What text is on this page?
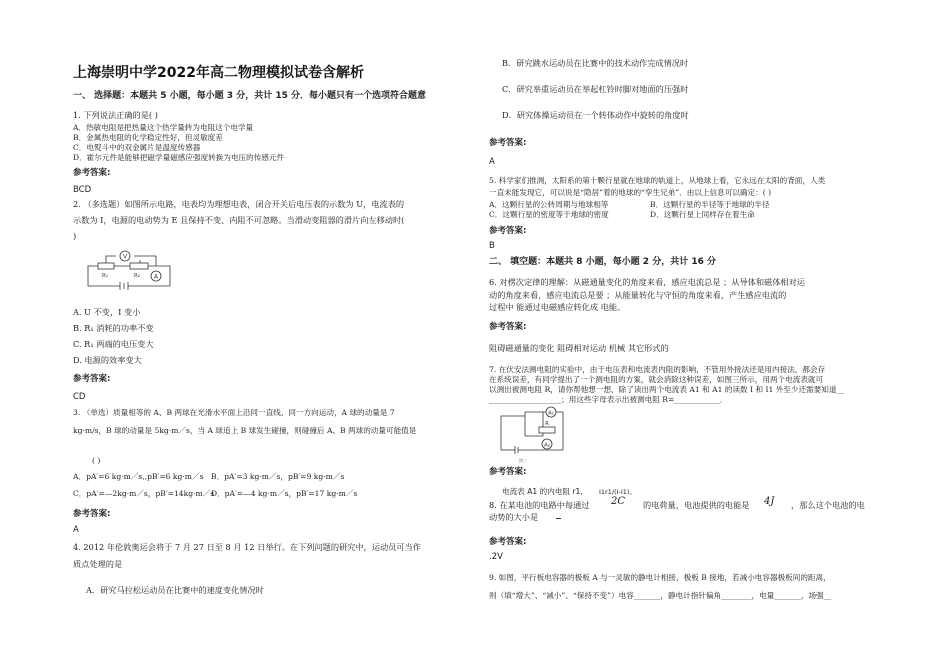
上海崇明中学2022年高二物理模拟试卷含解析
一、 选择题：本题共 5 小题，每小题 3 分，共计 15 分．每小题只有一个选项符合题意
1. 下列说法正确的是( )
A．热敏电阻是把热量这个热学量转为电阻这个电学量
B．金属热电阻的化学稳定性好，但灵敏度差
C．电熨斗中的双金属片是温度传感器
D．霍尔元件是能够把磁学量磁感应强度转换为电压的传感元件
参考答案:
BCD
2. （多选题）如图所示电路，电表均为理想电表，闭合开关后电压表的示数为 U，电流表的
示数为 I，电源的电动势为 E 且保持不变、内阻不可忽略。当滑动变阻器的滑片向左移动时(
)
V
A
R₁	R₂
A. U 不变，I 变小
B. R₁ 消耗的功率不变
C. R₁ 两端的电压变大
D. 电源的效率变大
参考答案:
CD
3. （单选）质量相等的 A、B 两球在光滑水平面上沿同一直线、同一方向运动，A 球的动量是 7
kg·m/s，B 球的动量是 5kg·m／s，当 A 球追上 B 球发生碰撞，则碰撞后 A、B 两球的动量可能值是
( )
A．pA′=6 kg·m／s,,pB′=6 kg·m／s B．pA′=3 kg·m／s，pB′=9 kg·m／s
C．pA′=—2kg·m／s，pB′=14kg·m／s
D．pA′=—4 kg·m／s，pB′=17 kg·m／s
参考答案:
A
4. 2012 年伦敦奥运会将于 7 月 27 日至 8 月 12 日举行。在下列问题的研究中，运动员可当作
质点处理的是
A．研究马拉松运动员在比赛中的速度变化情况时
B．研究跳水运动员在比赛中的技术动作完成情况时
C．研究举重运动员在举起杠铃时脚对地面的压强时
D．研究体操运动员在一个转体动作中旋转的角度时
参考答案:
A
5. 科学家们推测，太阳系的第十颗行星就在地球的轨道上，从地球上看，它永远在太阳的背面，人类
一直未能发现它，可以说是“隐居”着的地球的“孪生兄弟”．由以上信息可以确定：( )
A．这颗行星的公转周期与地球相等	B．这颗行星的半径等于地球的半径
C．这颗行星的密度等于地球的密度	D．这颗行星上同样存在着生命
参考答案:
B
二、 填空题：本题共 8 小题，每小题 2 分，共计 16 分
6. 对楞次定律的理解：从磁通量变化的角度来看，感应电流总是 ；从导体和磁体相对运
动的角度来看，感应电流总是要 ；从能量转化与守恒的角度来看，产生感应电流的
过程中 能通过电磁感应转化成 电能。
参考答案:
阻碍磁通量的变化 阻碍相对运动 机械 其它形式的
7. 在伏安法测电阻的实验中，由于电压表和电流表内阻的影响，不管用外接法还是用内接法，都会存
在系统误差，有同学提出了一个测电阻的方案，就会消除这种误差，如图三所示，用两个电流表就可
以测出被测电阻 R，请你帮他想一想，除了读出两个电流表 A1 和 A1 的读数 I 和 I1 外至少还需要知道__
___________________；用这些字母表示出被测电阻 R=____________．
A₁
A₂
R
图三
参考答案:
电流表 A1 的内电阻 r1, I1r1/(I-I1)。
8. 在某电池的电路中每通过 2C 的电荷量，电池提供的电能是 4J ，那么这个电池的电
动势的大小是
参考答案:
.2V
9. 如图，平行板电容器的极板 A 与一灵敏的静电计相接，极板 B 接地，若减小电容器极板间的距离，
则（填“增大”、“减小”、“保持不变”）电容_______，静电计指针偏角________，电量_______，场强__
